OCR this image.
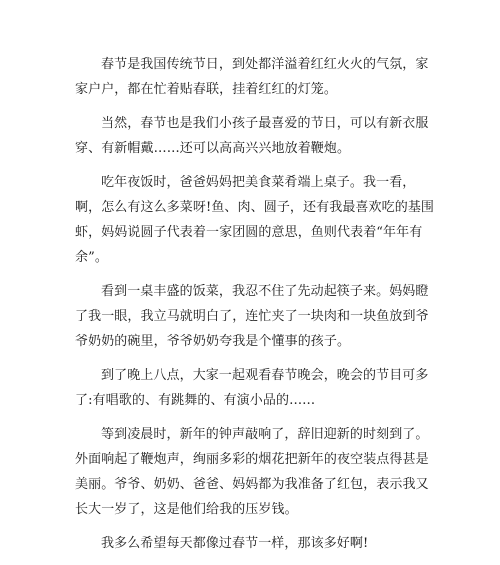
春节是我国传统节日，到处都洋溢着红红火火的气氛，家家户户，都在忙着贴春联，挂着红红的灯笼。

当然，春节也是我们小孩子最喜爱的节日，可以有新衣服穿、有新帽戴……还可以高高兴兴地放着鞭炮。

吃年夜饭时，爸爸妈妈把美食菜肴端上桌子。我一看，啊，怎么有这么多菜呀!鱼、肉、圆子，还有我最喜欢吃的基围虾，妈妈说圆子代表着一家团圆的意思，鱼则代表着“年年有余”。

看到一桌丰盛的饭菜，我忍不住了先动起筷子来。妈妈瞪了我一眼，我立马就明白了，连忙夹了一块肉和一块鱼放到爷爷奶奶的碗里，爷爷奶奶夸我是个懂事的孩子。

到了晚上八点，大家一起观看春节晚会，晚会的节目可多了:有唱歌的、有跳舞的、有演小品的……

等到凌晨时，新年的钟声敲响了，辞旧迎新的时刻到了。外面响起了鞭炮声，绚丽多彩的烟花把新年的夜空装点得甚是美丽。爷爷、奶奶、爸爸、妈妈都为我准备了红包，表示我又长大一岁了，这是他们给我的压岁钱。

我多么希望每天都像过春节一样，那该多好啊!
